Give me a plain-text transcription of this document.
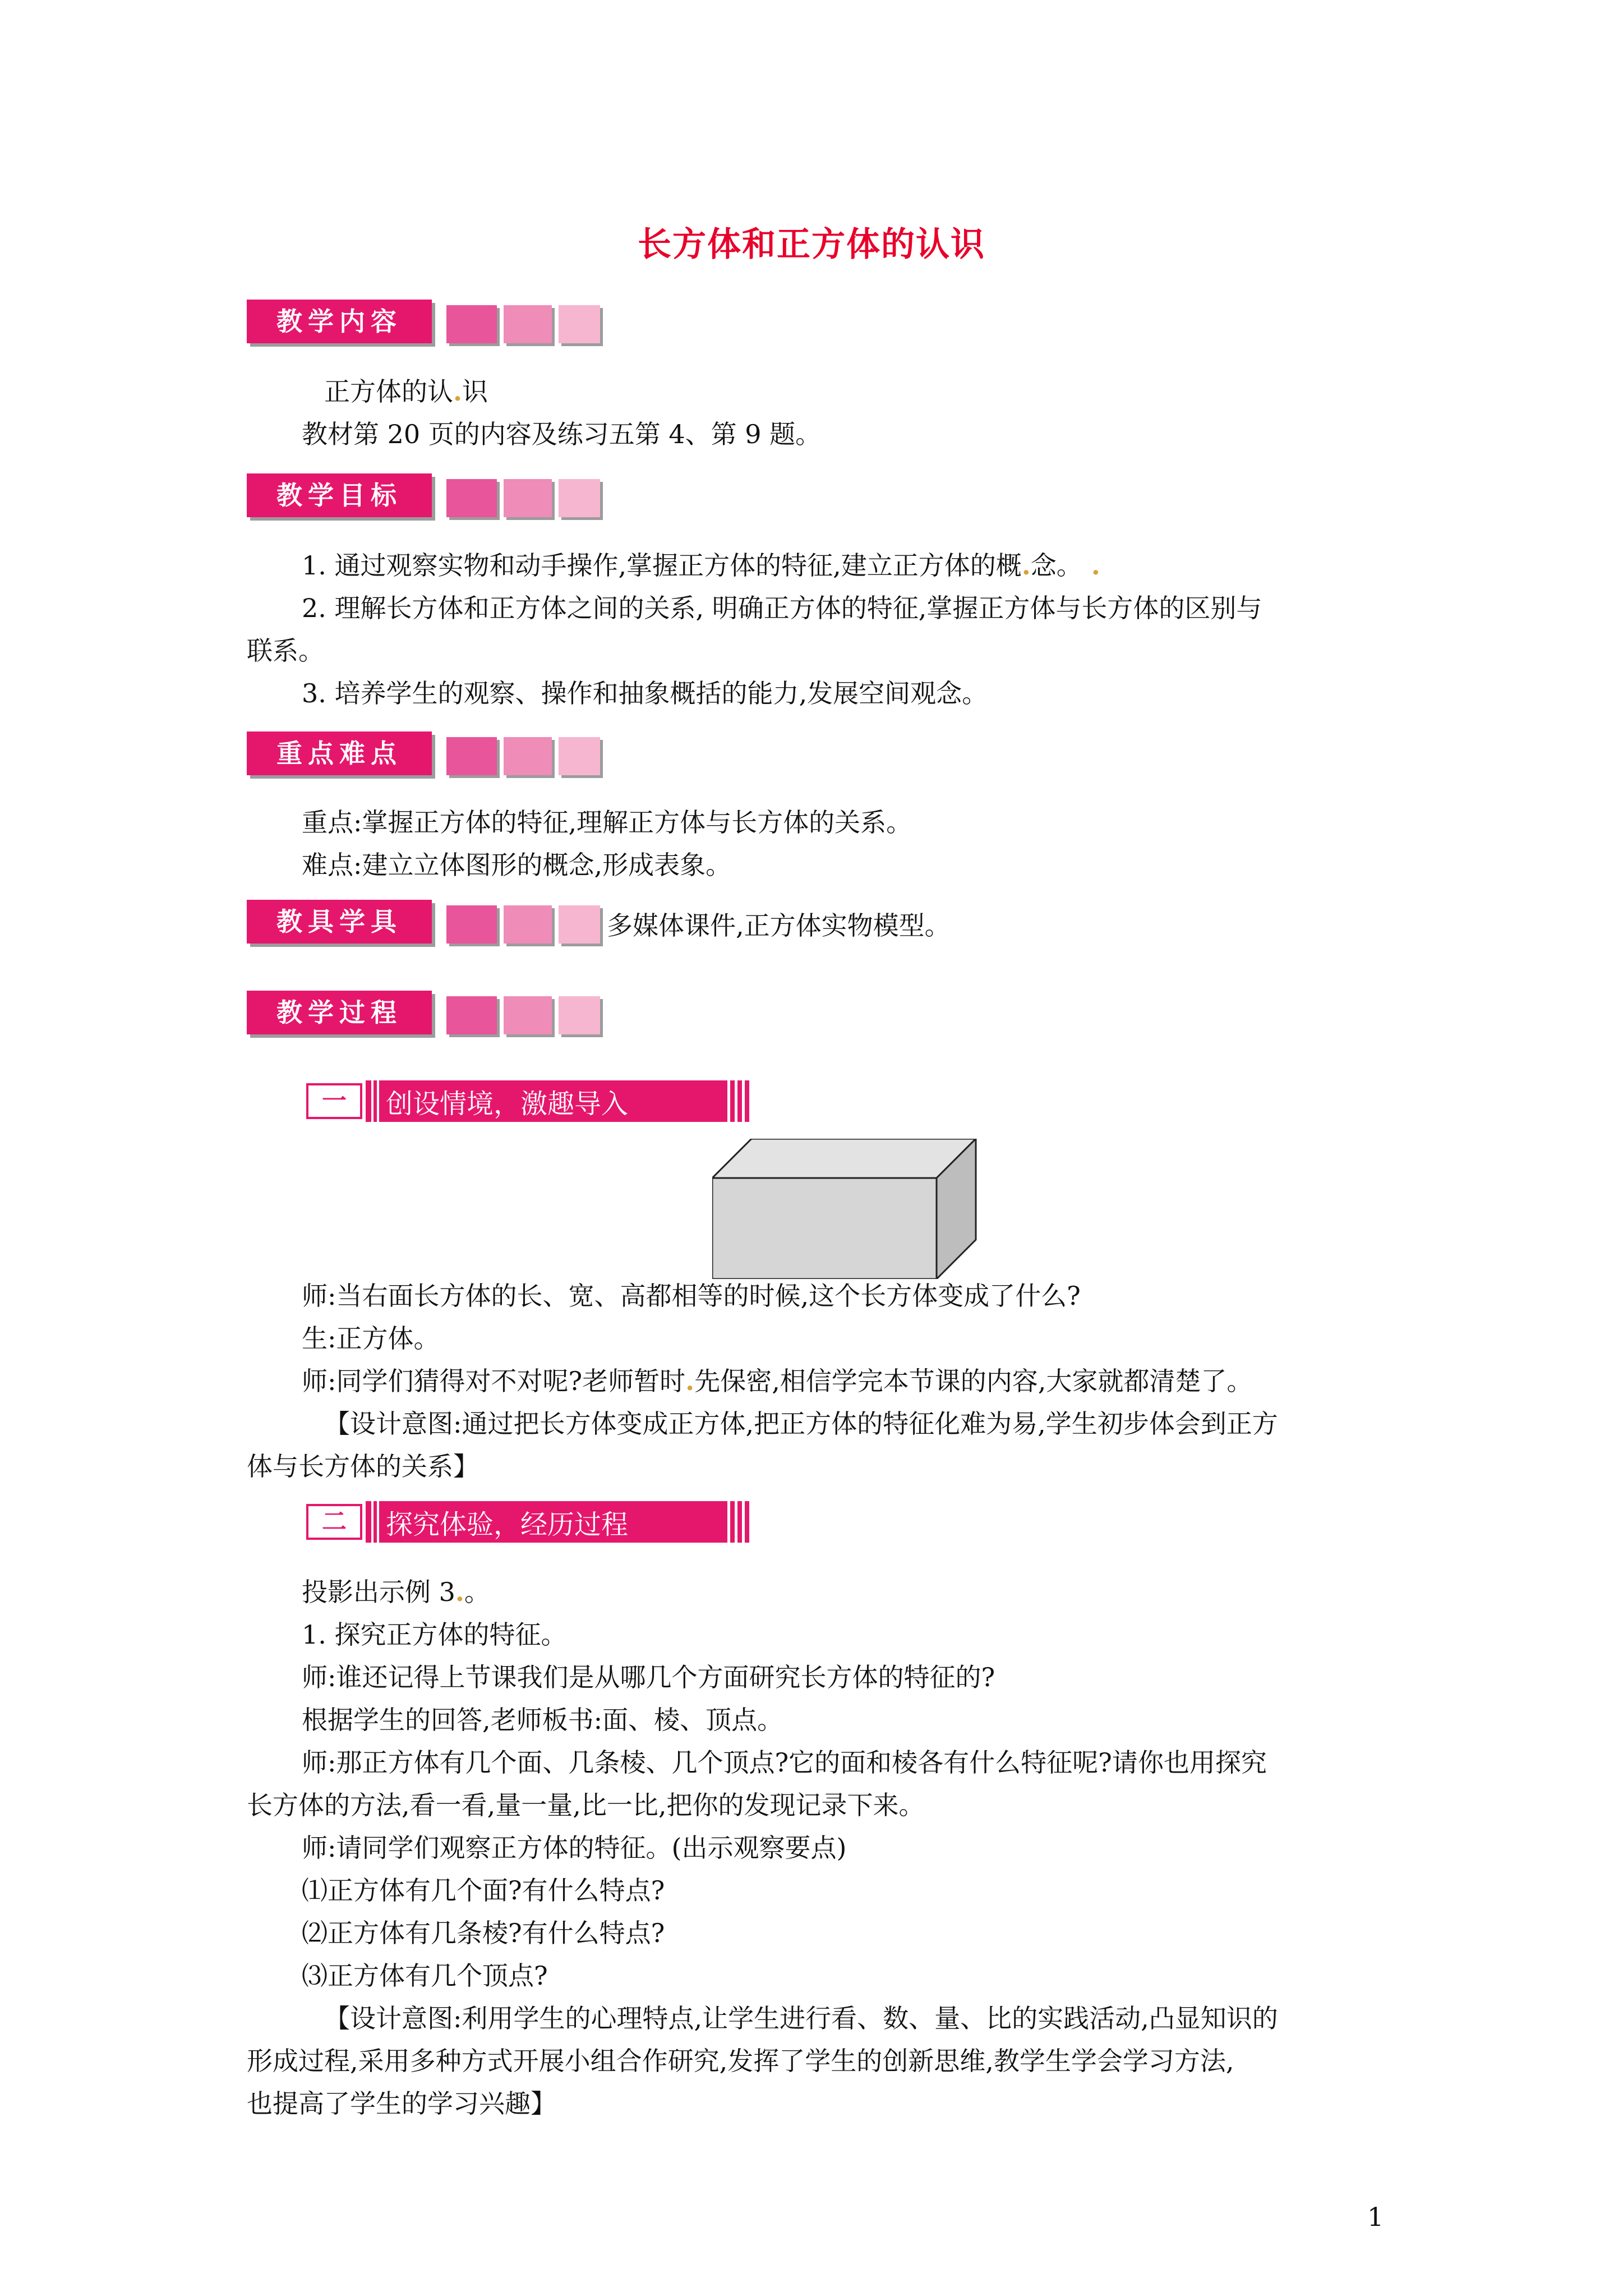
长方体和正方体的认识
教学内容
正方体的认.识
教材第 20 页的内容及练习五第 4、第 9 题。
教学目标
1. 通过观察实物和动手操作,掌握正方体的特征,建立正方体的概.念。 .
2. 理解长方体和正方体之间的关系, 明确正方体的特征,掌握正方体与长方体的区别与
联系。
3. 培养学生的观察、操作和抽象概括的能力,发展空间观念。
重点难点
重点:掌握正方体的特征,理解正方体与长方体的关系。
难点:建立立体图形的概念,形成表象。
教具学具	多媒体课件,正方体实物模型。
教学过程
一	创设情境，激趣导入
师:当右面长方体的长、宽、高都相等的时候,这个长方体变成了什么?
生:正方体。
师:同学们猜得对不对呢?老师暂时.先保密,相信学完本节课的内容,大家就都清楚了。
【设计意图:通过把长方体变成正方体,把正方体的特征化难为易,学生初步体会到正方
体与长方体的关系】
二	探究体验，经历过程
投影出示例 3.。
1. 探究正方体的特征。
师:谁还记得上节课我们是从哪几个方面研究长方体的特征的?
根据学生的回答,老师板书:面、棱、顶点。
师:那正方体有几个面、几条棱、几个顶点?它的面和棱各有什么特征呢?请你也用探究
长方体的方法,看一看,量一量,比一比,把你的发现记录下来。
师:请同学们观察正方体的特征。(出示观察要点)
⑴正方体有几个面?有什么特点?
⑵正方体有几条棱?有什么特点?
⑶正方体有几个顶点?
【设计意图:利用学生的心理特点,让学生进行看、数、量、比的实践活动,凸显知识的
形成过程,采用多种方式开展小组合作研究,发挥了学生的创新思维,教学生学会学习方法,
也提高了学生的学习兴趣】
1
